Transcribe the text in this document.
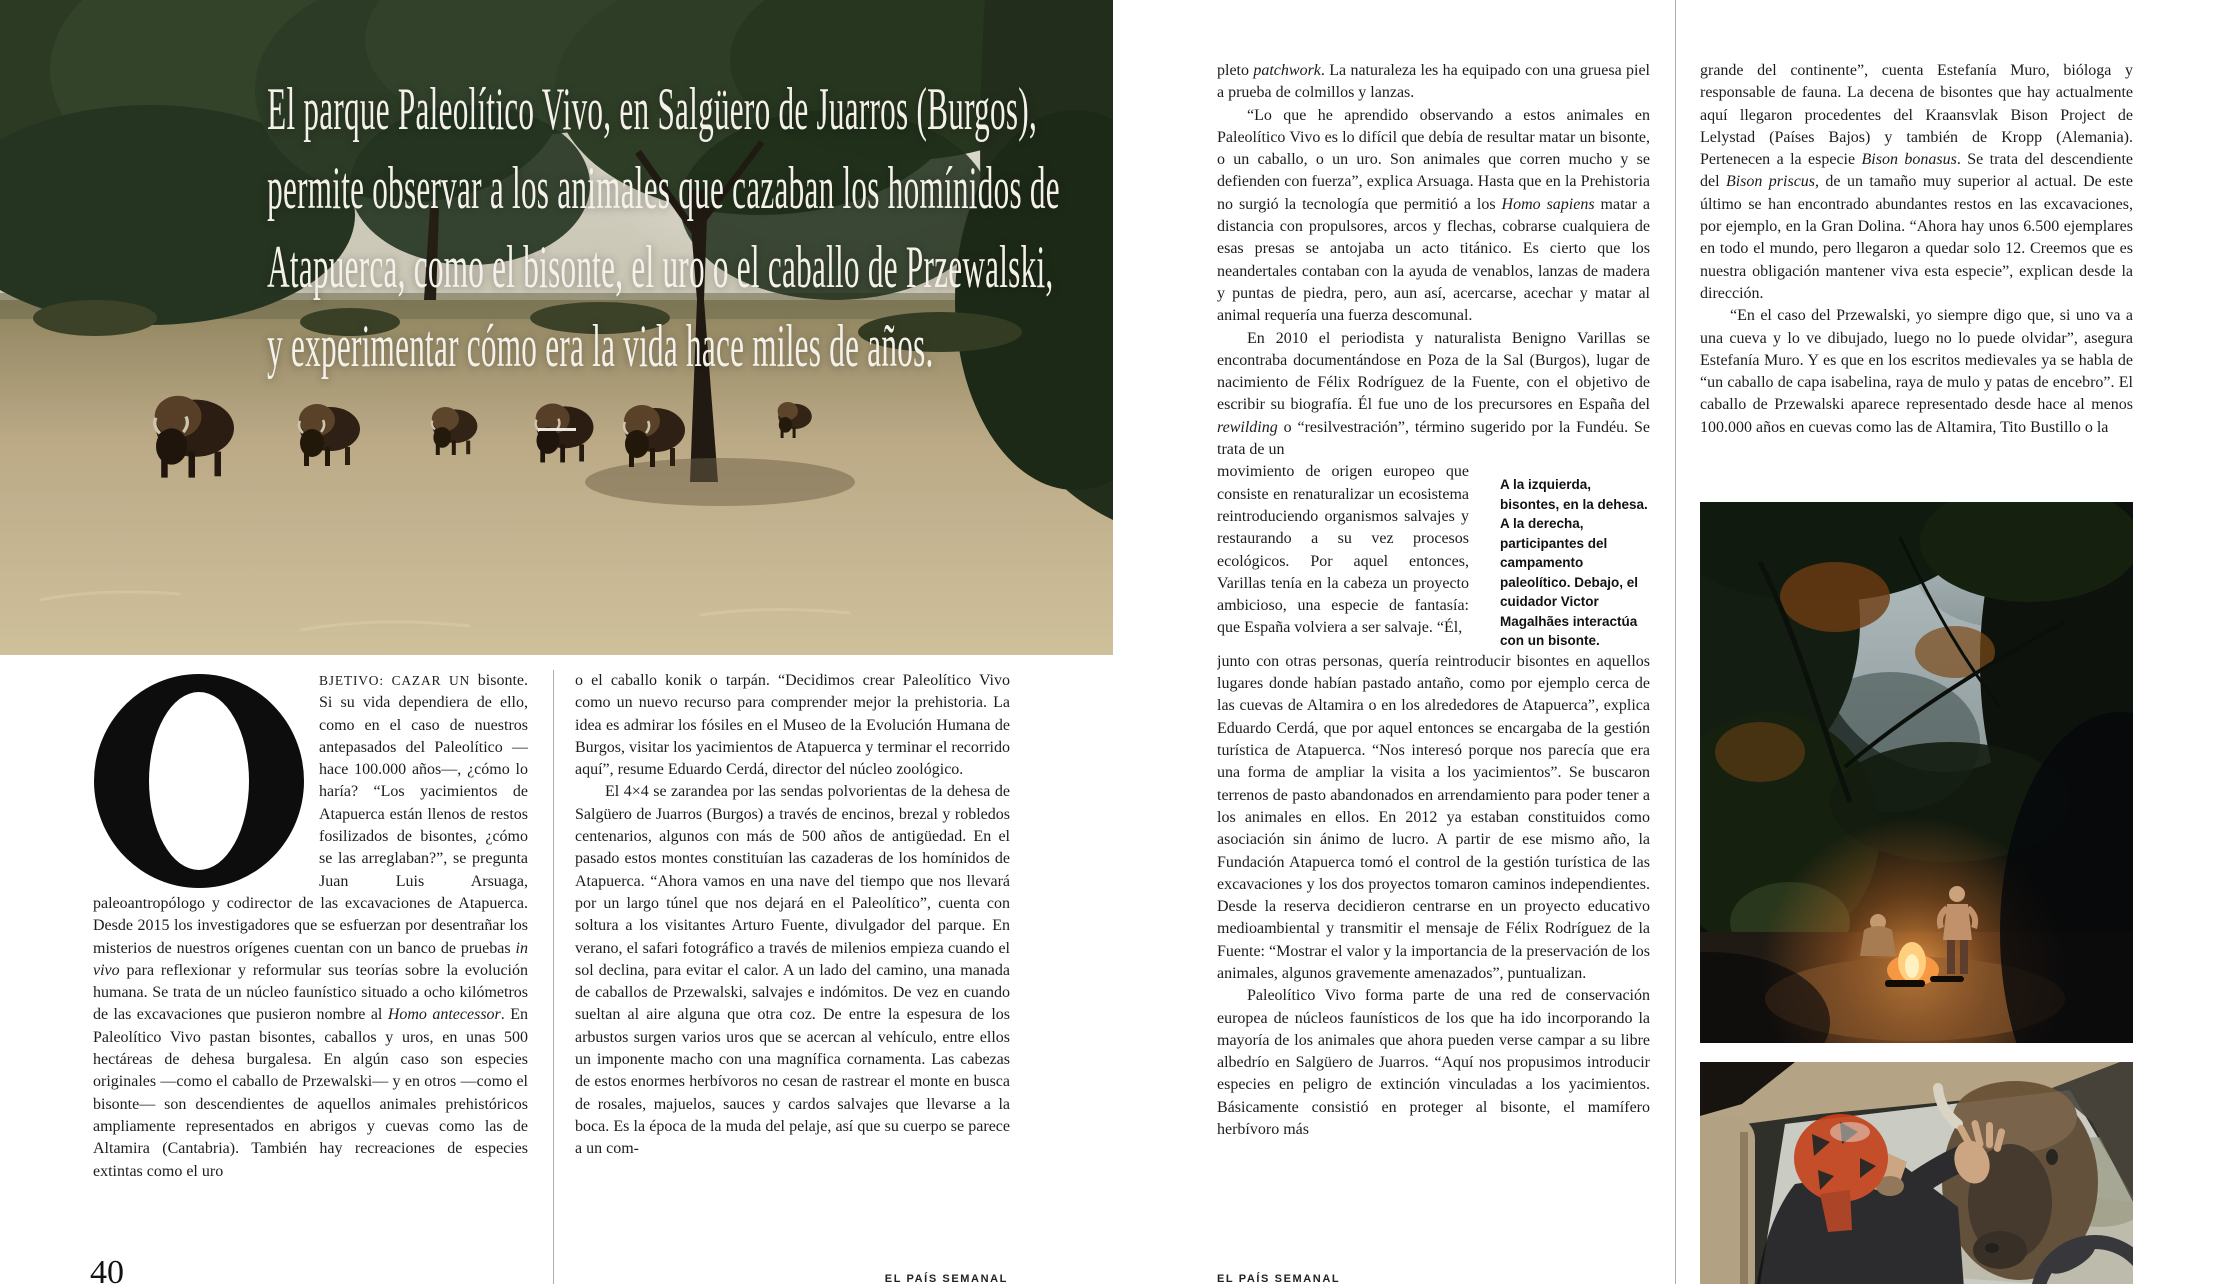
El parque Paleolítico Vivo, en Salgüero de Juarros (Burgos),
permite observar a los animales que cazaban los homínidos de
Atapuerca, como el bisonte, el uro o el caballo de Przewalski,
y experimentar cómo era la vida hace miles de años.

BJETIVO: CAZAR UN bisonte. Si su vida dependiera de ello, como en el caso de nuestros antepasados del Paleolítico —hace 100.000 años—, ¿cómo lo haría? “Los yacimientos de Atapuerca están llenos de restos fosilizados de bisontes, ¿cómo se las arreglaban?”, se pregunta Juan Luis Arsuaga, paleoantropólogo y codirector de las excavaciones de Atapuerca. Desde 2015 los investigadores que se esfuerzan por desentrañar los misterios de nuestros orígenes cuentan con un banco de pruebas in vivo para reflexionar y reformular sus teorías sobre la evolución humana. Se trata de un núcleo faunístico situado a ocho kilómetros de las excavaciones que pusieron nombre al Homo antecessor. En Paleolítico Vivo pastan bisontes, caballos y uros, en unas 500 hectáreas de dehesa burgalesa. En algún caso son especies originales —como el caballo de Przewalski— y en otros —como el bisonte— son descendientes de aquellos animales prehistóricos ampliamente representados en abrigos y cuevas como las de Altamira (Cantabria). También hay recreaciones de especies extintas como el uro

o el caballo konik o tarpán. “Decidimos crear Paleolítico Vivo como un nuevo recurso para comprender mejor la prehistoria. La idea es admirar los fósiles en el Museo de la Evolución Humana de Burgos, visitar los yacimientos de Atapuerca y terminar el recorrido aquí”, resume Eduardo Cerdá, director del núcleo zoológico.

El 4×4 se zarandea por las sendas polvorientas de la dehesa de Salgüero de Juarros (Burgos) a través de encinos, brezal y robledos centenarios, algunos con más de 500 años de antigüedad. En el pasado estos montes constituían las cazaderas de los homínidos de Atapuerca. “Ahora vamos en una nave del tiempo que nos llevará por un largo túnel que nos dejará en el Paleolítico”, cuenta con soltura a los visitantes Arturo Fuente, divulgador del parque. En verano, el safari fotográfico a través de milenios empieza cuando el sol declina, para evitar el calor. A un lado del camino, una manada de caballos de Przewalski, salvajes e indómitos. De vez en cuando sueltan al aire alguna que otra coz. De entre la espesura de los arbustos surgen varios uros que se acercan al vehículo, entre ellos un imponente macho con una magnífica cornamenta. Las cabezas de estos enormes herbívoros no cesan de rastrear el monte en busca de rosales, majuelos, sauces y cardos salvajes que llevarse a la boca. Es la época de la muda del pelaje, así que su cuerpo se parece a un com-

pleto patchwork. La naturaleza les ha equipado con una gruesa piel a prueba de colmillos y lanzas.

“Lo que he aprendido observando a estos animales en Paleolítico Vivo es lo difícil que debía de resultar matar un bisonte, o un caballo, o un uro. Son animales que corren mucho y se defienden con fuerza”, explica Arsuaga. Hasta que en la Prehistoria no surgió la tecnología que permitió a los Homo sapiens matar a distancia con propulsores, arcos y flechas, cobrarse cualquiera de esas presas se antojaba un acto titánico. Es cierto que los neandertales contaban con la ayuda de venablos, lanzas de madera y puntas de piedra, pero, aun así, acercarse, acechar y matar al animal requería una fuerza descomunal.

En 2010 el periodista y naturalista Benigno Varillas se encontraba documentándose en Poza de la Sal (Burgos), lugar de nacimiento de Félix Rodríguez de la Fuente, con el objetivo de escribir su biografía. Él fue uno de los precursores en España del rewilding o “resilvestración”, término sugerido por la Fundéu. Se trata de un

movimiento de origen europeo que consiste en renaturalizar un ecosistema reintroduciendo organismos salvajes y restaurando a su vez procesos ecológicos. Por aquel entonces, Varillas tenía en la cabeza un proyecto ambicioso, una especie de fantasía: que España volviera a ser salvaje. “Él,

A la izquierda, bisontes, en la dehesa. A la derecha, participantes del campamento paleolítico. Debajo, el cuidador Victor Magalhães interactúa con un bisonte.

junto con otras personas, quería reintroducir bisontes en aquellos lugares donde habían pastado antaño, como por ejemplo cerca de las cuevas de Altamira o en los alrededores de Atapuerca”, explica Eduardo Cerdá, que por aquel entonces se encargaba de la gestión turística de Atapuerca. “Nos interesó porque nos parecía que era una forma de ampliar la visita a los yacimientos”. Se buscaron terrenos de pasto abandonados en arrendamiento para poder tener a los animales en ellos. En 2012 ya estaban constituidos como asociación sin ánimo de lucro. A partir de ese mismo año, la Fundación Atapuerca tomó el control de la gestión turística de las excavaciones y los dos proyectos tomaron caminos independientes. Desde la reserva decidieron centrarse en un proyecto educativo medioambiental y transmitir el mensaje de Félix Rodríguez de la Fuente: “Mostrar el valor y la importancia de la preservación de los animales, algunos gravemente amenazados”, puntualizan.

Paleolítico Vivo forma parte de una red de conservación europea de núcleos faunísticos de los que ha ido incorporando la mayoría de los animales que ahora pueden verse campar a su libre albedrío en Salgüero de Juarros. “Aquí nos propusimos introducir especies en peligro de extinción vinculadas a los yacimientos. Básicamente consistió en proteger al bisonte, el mamífero herbívoro más

grande del continente”, cuenta Estefanía Muro, bióloga y responsable de fauna. La decena de bisontes que hay actualmente aquí llegaron procedentes del Kraansvlak Bison Project de Lelystad (Países Bajos) y también de Kropp (Alemania). Pertenecen a la especie Bison bonasus. Se trata del descendiente del Bison priscus, de un tamaño muy superior al actual. De este último se han encontrado abundantes restos en las excavaciones, por ejemplo, en la Gran Dolina. “Ahora hay unos 6.500 ejemplares en todo el mundo, pero llegaron a quedar solo 12. Creemos que es nuestra obligación mantener viva esta especie”, explican desde la dirección.

“En el caso del Przewalski, yo siempre digo que, si uno va a una cueva y lo ve dibujado, luego no lo puede olvidar”, asegura Estefanía Muro. Y es que en los escritos medievales ya se habla de “un caballo de capa isabelina, raya de mulo y patas de encebro”. El caballo de Przewalski aparece representado desde hace al menos 100.000 años en cuevas como las de Altamira, Tito Bustillo o la

40	EL PAÍS SEMANAL	EL PAÍS SEMANAL
